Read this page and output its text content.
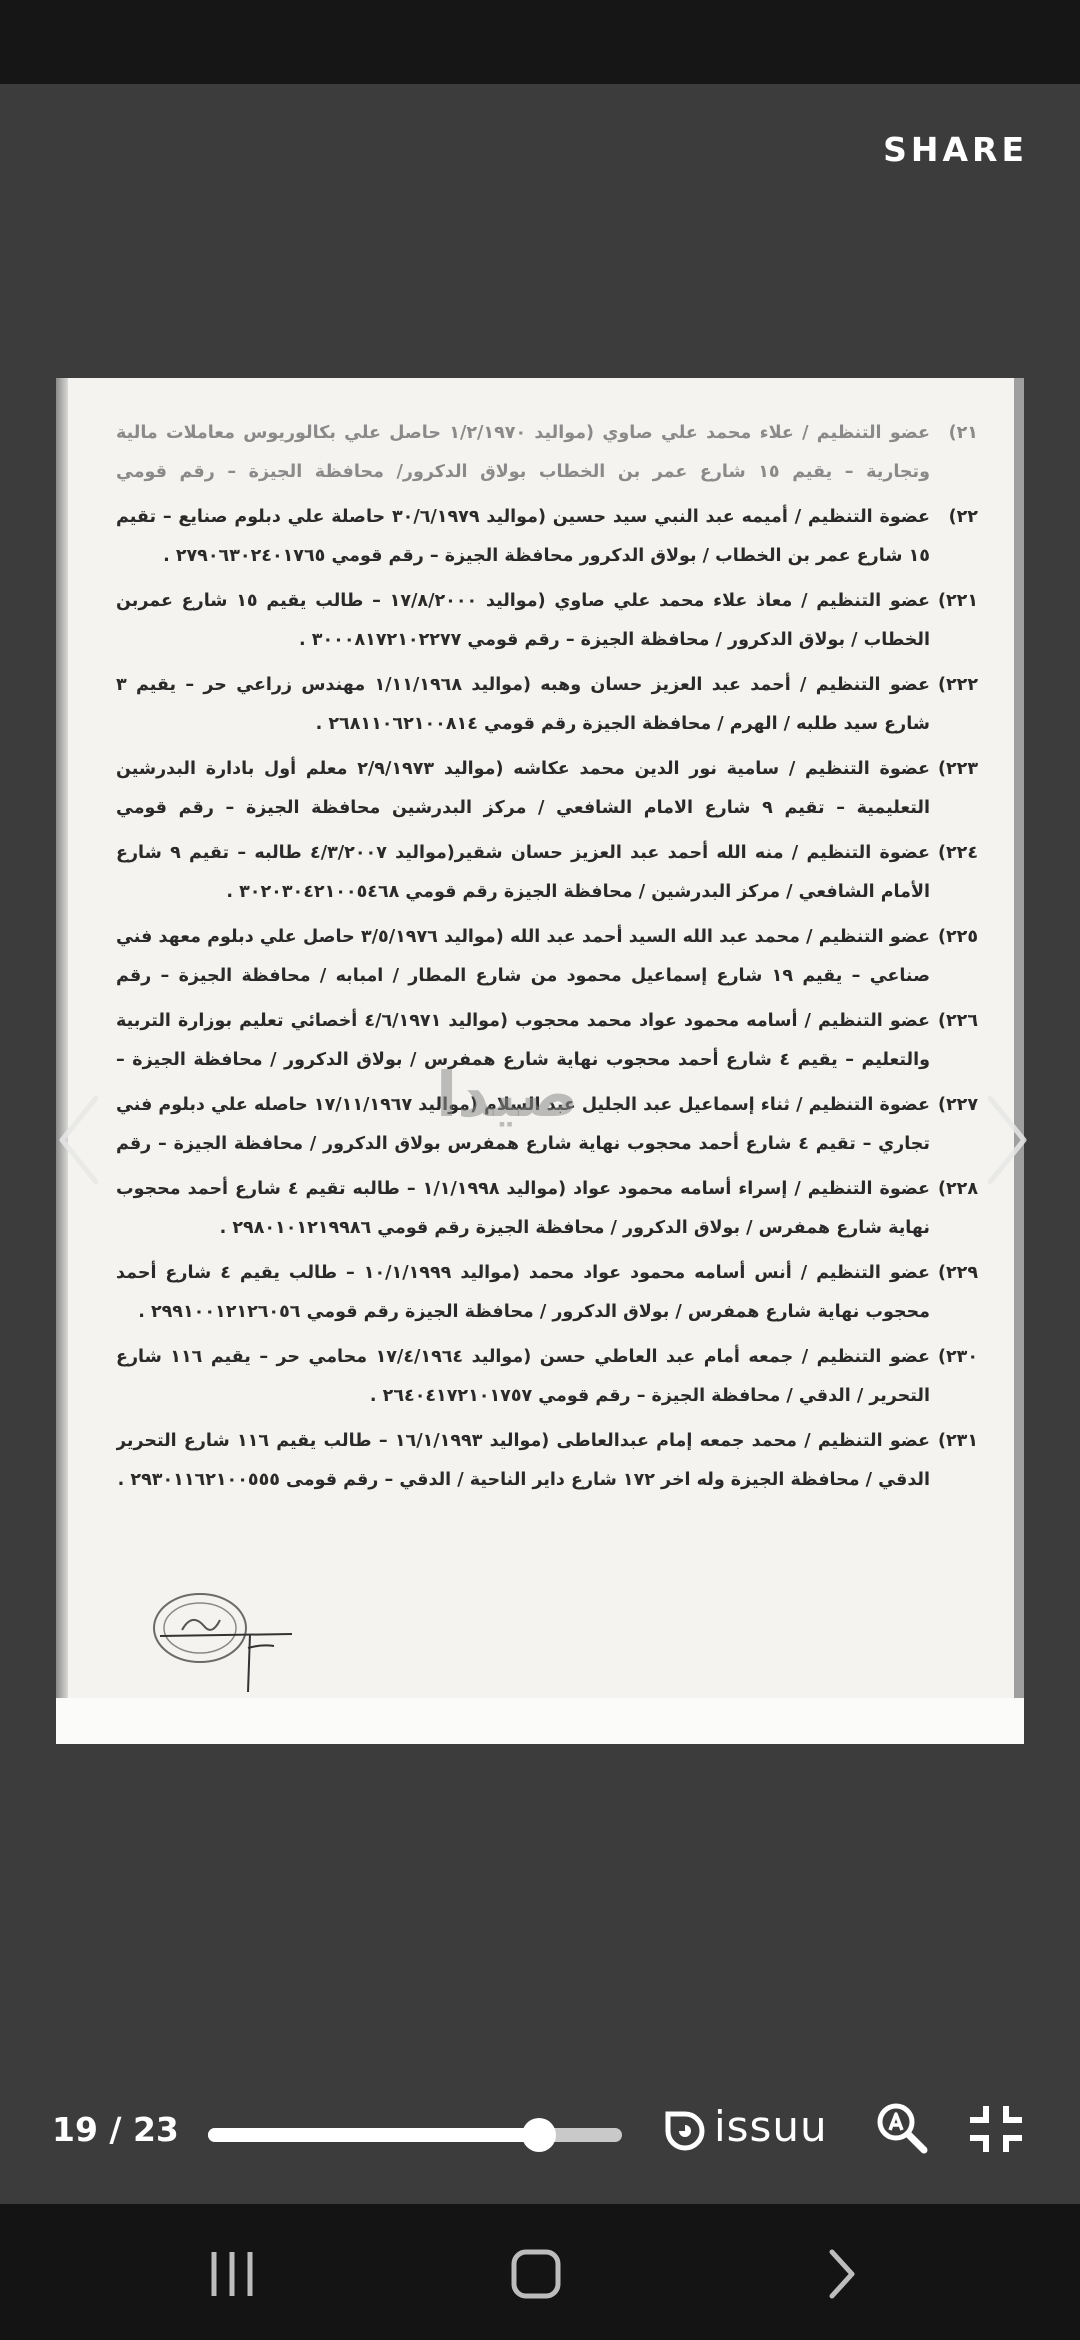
SHARE
٢١)
عضو التنظيم / علاء محمد علي صاوي (مواليد ١/٢/١٩٧٠ حاصل علي بكالوريوس معاملات مالية وتجارية – يقيم ١٥ شارع عمر بن الخطاب بولاق الدكرور/ محافظة الجيزة – رقم قومي
٢٢)
عضوة التنظيم / أميمه عبد النبي سيد حسين (مواليد ٣٠/٦/١٩٧٩ حاصلة علي دبلوم صنايع – تقيم ١٥ شارع عمر بن الخطاب / بولاق الدكرور محافظة الجيزة – رقم قومي ٢٧٩٠٦٣٠٢٤٠١٧٦٥ .
٢٢١)
عضو التنظيم / معاذ علاء محمد علي صاوي (مواليد ١٧/٨/٢٠٠٠ – طالب يقيم ١٥ شارع عمربن الخطاب / بولاق الدكرور / محافظة الجيزة – رقم قومي ٣٠٠٠٨١٧٢١٠٢٢٧٧ .
٢٢٢)
عضو التنظيم / أحمد عبد العزيز حسان وهبه (مواليد ١/١١/١٩٦٨ مهندس زراعي حر – يقيم ٣ شارع سيد طلبه / الهرم / محافظة الجيزة رقم قومي ٢٦٨١١٠٦٢١٠٠٨١٤ .
٢٢٣)
عضوة التنظيم / سامية نور الدين محمد عكاشه (مواليد ٢/٩/١٩٧٣ معلم أول بادارة البدرشين التعليمية – تقيم ٩ شارع الامام الشافعي / مركز البدرشين محافظة الجيزة – رقم قومي
٢٢٤)
عضوة التنظيم / منه الله أحمد عبد العزيز حسان شقير(مواليد ٤/٣/٢٠٠٧ طالبه – تقيم ٩ شارع الأمام الشافعي / مركز البدرشين / محافظة الجيزة رقم قومي ٣٠٢٠٣٠٤٢١٠٠٥٤٦٨ .
٢٢٥)
عضو التنظيم / محمد عبد الله السيد أحمد عبد الله (مواليد ٣/٥/١٩٧٦ حاصل علي دبلوم معهد فني صناعي – يقيم ١٩ شارع إسماعيل محمود من شارع المطار / امبابه / محافظة الجيزة – رقم
٢٢٦)
عضو التنظيم / أسامه محمود عواد محمد محجوب (مواليد ٤/٦/١٩٧١ أخصائي تعليم بوزارة التربية والتعليم – يقيم ٤ شارع أحمد محجوب نهاية شارع همفرس / بولاق الدكرور / محافظة الجيزة –
٢٢٧)
عضوة التنظيم / ثناء إسماعيل عبد الجليل عبد السلام (مواليد ١٧/١١/١٩٦٧ حاصله علي دبلوم فني تجاري – تقيم ٤ شارع أحمد محجوب نهاية شارع همفرس بولاق الدكرور / محافظة الجيزة – رقم
٢٢٨)
عضوة التنظيم / إسراء أسامه محمود عواد (مواليد ١/١/١٩٩٨ – طالبه تقيم ٤ شارع أحمد محجوب نهاية شارع همفرس / بولاق الدكرور / محافظة الجيزة رقم قومي ٢٩٨٠١٠١٢١٩٩٨٦ .
٢٢٩)
عضو التنظيم / أنس أسامه محمود عواد محمد (مواليد ١٠/١/١٩٩٩ – طالب يقيم ٤ شارع أحمد محجوب نهاية شارع همفرس / بولاق الدكرور / محافظة الجيزة رقم قومي ٢٩٩١٠٠١٢١٢٦٠٥٦ .
٢٣٠)
عضو التنظيم / جمعه أمام عبد العاطي حسن (مواليد ١٧/٤/١٩٦٤ محامي حر – يقيم ١١٦ شارع التحرير / الدقي / محافظة الجيزة – رقم قومي ٢٦٤٠٤١٧٢١٠١٧٥٧ .
٢٣١)
عضو التنظيم / محمد جمعه إمام عبدالعاطى (مواليد ١٦/١/١٩٩٣ – طالب يقيم ١١٦ شارع التحرير الدقي / محافظة الجيزة وله اخر ١٧٢ شارع داير الناحية / الدقي – رقم قومى ٢٩٣٠١١٦٢١٠٠٥٥٥ .
صيدا
19 / 23	issuu
